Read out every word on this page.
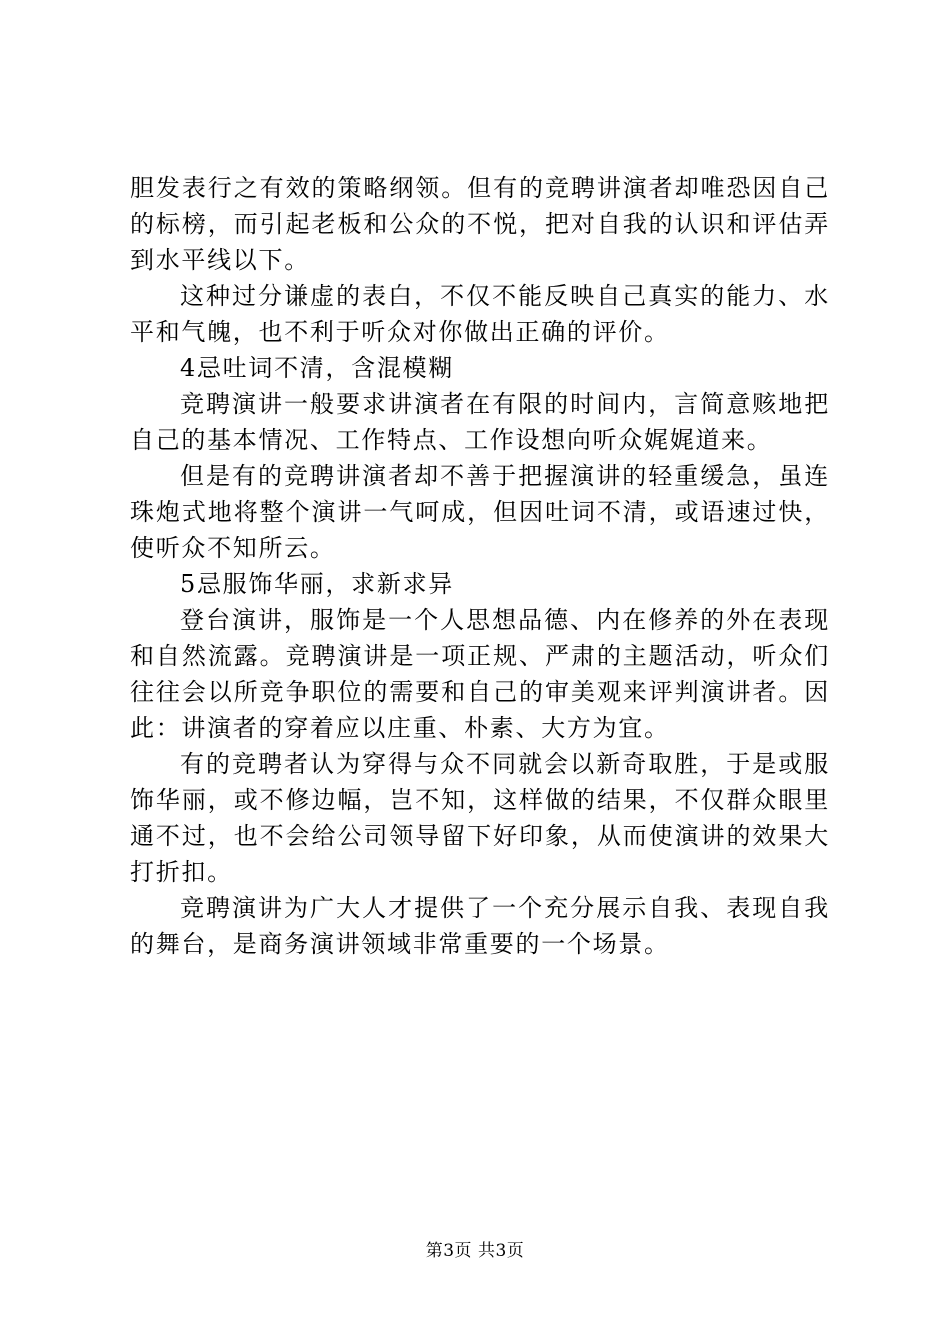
胆发表行之有效的策略纲领。但有的竞聘讲演者却唯恐因自己的标榜，而引起老板和公众的不悦，把对自我的认识和评估弄到水平线以下。

这种过分谦虚的表白，不仅不能反映自己真实的能力、水平和气魄，也不利于听众对你做出正确的评价。

4忌吐词不清，含混模糊

竞聘演讲一般要求讲演者在有限的时间内，言简意赅地把自己的基本情况、工作特点、工作设想向听众娓娓道来。

但是有的竞聘讲演者却不善于把握演讲的轻重缓急，虽连珠炮式地将整个演讲一气呵成，但因吐词不清，或语速过快，使听众不知所云。

5忌服饰华丽，求新求异

登台演讲，服饰是一个人思想品德、内在修养的外在表现和自然流露。竞聘演讲是一项正规、严肃的主题活动，听众们往往会以所竞争职位的需要和自己的审美观来评判演讲者。因此：讲演者的穿着应以庄重、朴素、大方为宜。

有的竞聘者认为穿得与众不同就会以新奇取胜，于是或服饰华丽，或不修边幅，岂不知，这样做的结果，不仅群众眼里通不过，也不会给公司领导留下好印象，从而使演讲的效果大打折扣。

竞聘演讲为广大人才提供了一个充分展示自我、表现自我的舞台，是商务演讲领域非常重要的一个场景。

第3页 共3页
